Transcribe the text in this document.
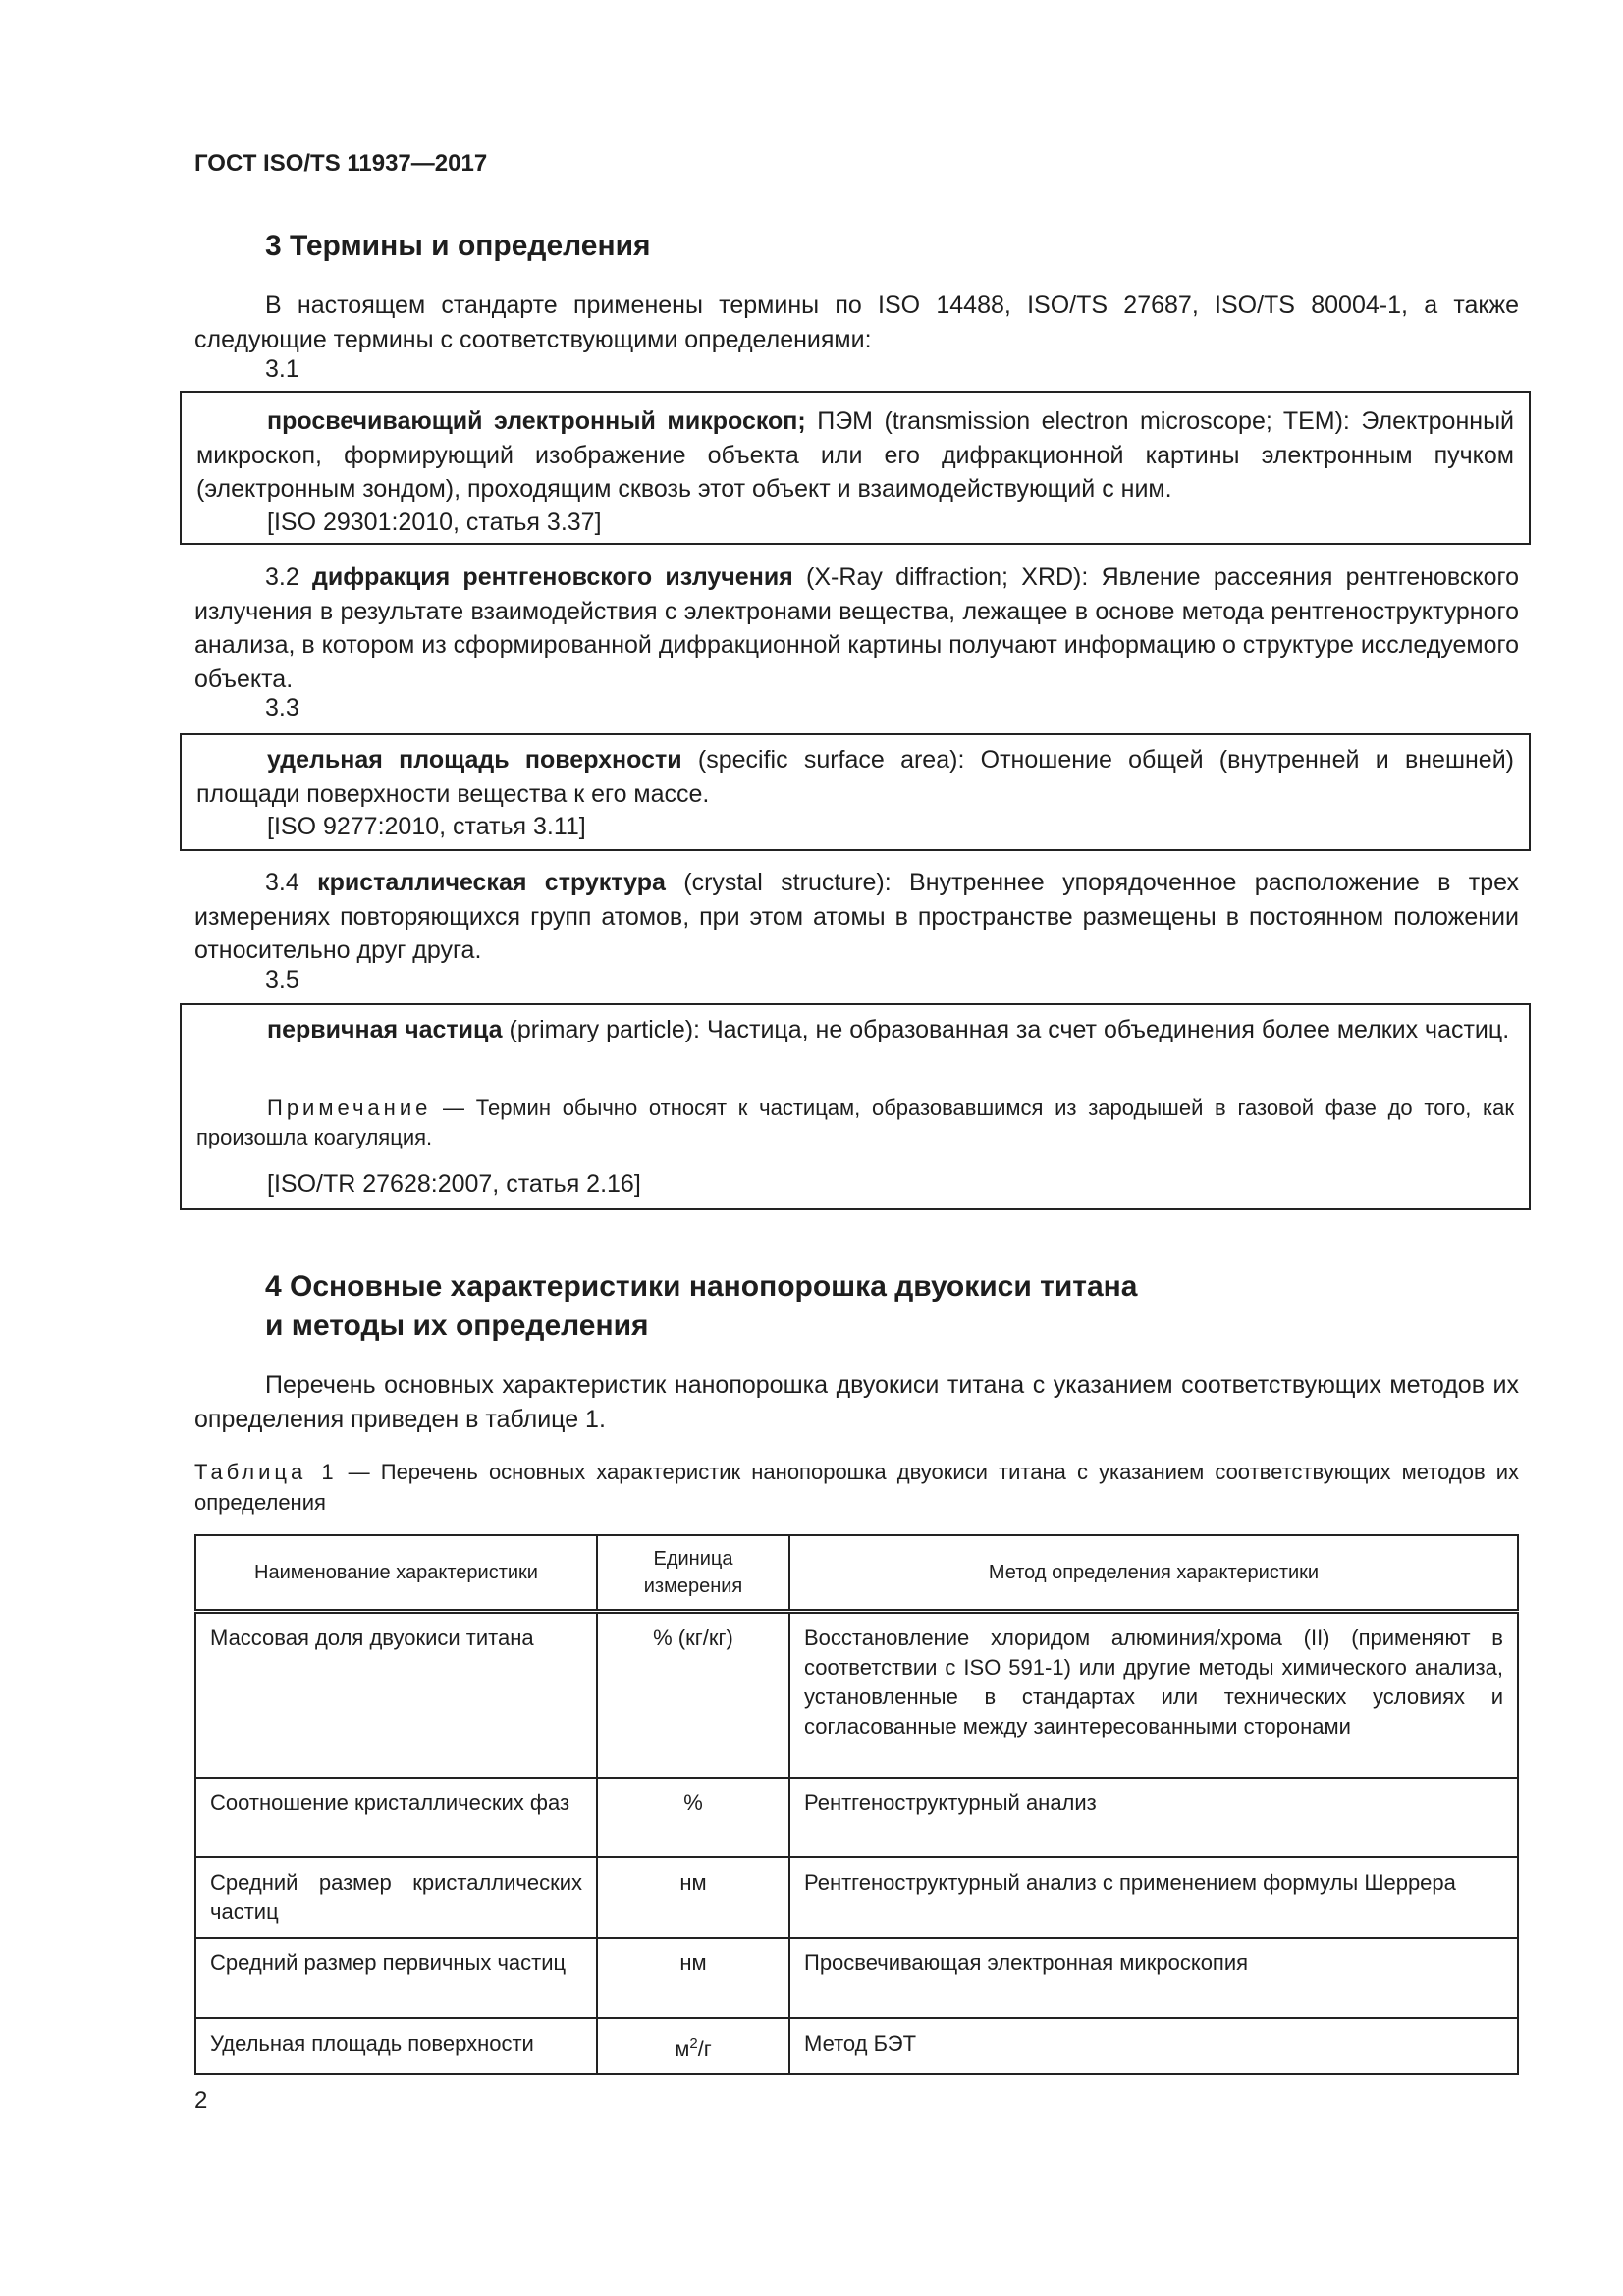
ГОСТ ISO/TS 11937—2017
3 Термины и определения
В настоящем стандарте применены термины по ISO 14488, ISO/TS 27687, ISO/TS 80004-1, а также следующие термины с соответствующими определениями:
3.1
просвечивающий электронный микроскоп; ПЭМ (transmission electron microscope; TEM): Электронный микроскоп, формирующий изображение объекта или его дифракционной картины электронным пучком (электронным зондом), проходящим сквозь этот объект и взаимодействующий с ним.
[ISO 29301:2010, статья 3.37]
3.2 дифракция рентгеновского излучения (X-Ray diffraction; XRD): Явление рассеяния рентгеновского излучения в результате взаимодействия с электронами вещества, лежащее в основе метода рентгеноструктурного анализа, в котором из сформированной дифракционной картины получают информацию о структуре исследуемого объекта.
3.3
удельная площадь поверхности (specific surface area): Отношение общей (внутренней и внешней) площади поверхности вещества к его массе.
[ISO 9277:2010, статья 3.11]
3.4 кристаллическая структура (crystal structure): Внутреннее упорядоченное расположение в трех измерениях повторяющихся групп атомов, при этом атомы в пространстве размещены в постоянном положении относительно друг друга.
3.5
первичная частица (primary particle): Частица, не образованная за счет объединения более мелких частиц.
Примечание — Термин обычно относят к частицам, образовавшимся из зародышей в газовой фазе до того, как произошла коагуляция.
[ISO/TR 27628:2007, статья 2.16]
4 Основные характеристики нанопорошка двуокиси титана
и методы их определения
Перечень основных характеристик нанопорошка двуокиси титана с указанием соответствующих методов их определения приведен в таблице 1.
Таблица 1 — Перечень основных характеристик нанопорошка двуокиси титана с указанием соответствующих методов их определения
Наименование характеристики	Единица измерения	Метод определения характеристики
Массовая доля двуокиси титана	% (кг/кг)	Восстановление хлоридом алюминия/хрома (II) (применяют в соответствии с ISO 591-1) или другие методы химического анализа, установленные в стандартах или технических условиях и согласованные между заинтересованными сторонами
Соотношение кристаллических фаз	%	Рентгеноструктурный анализ
Средний размер кристаллических частиц	нм	Рентгеноструктурный анализ с применением формулы Шеррера
Средний размер первичных частиц	нм	Просвечивающая электронная микроскопия
Удельная площадь поверхности	$м^2/г$	Метод БЭТ
2
